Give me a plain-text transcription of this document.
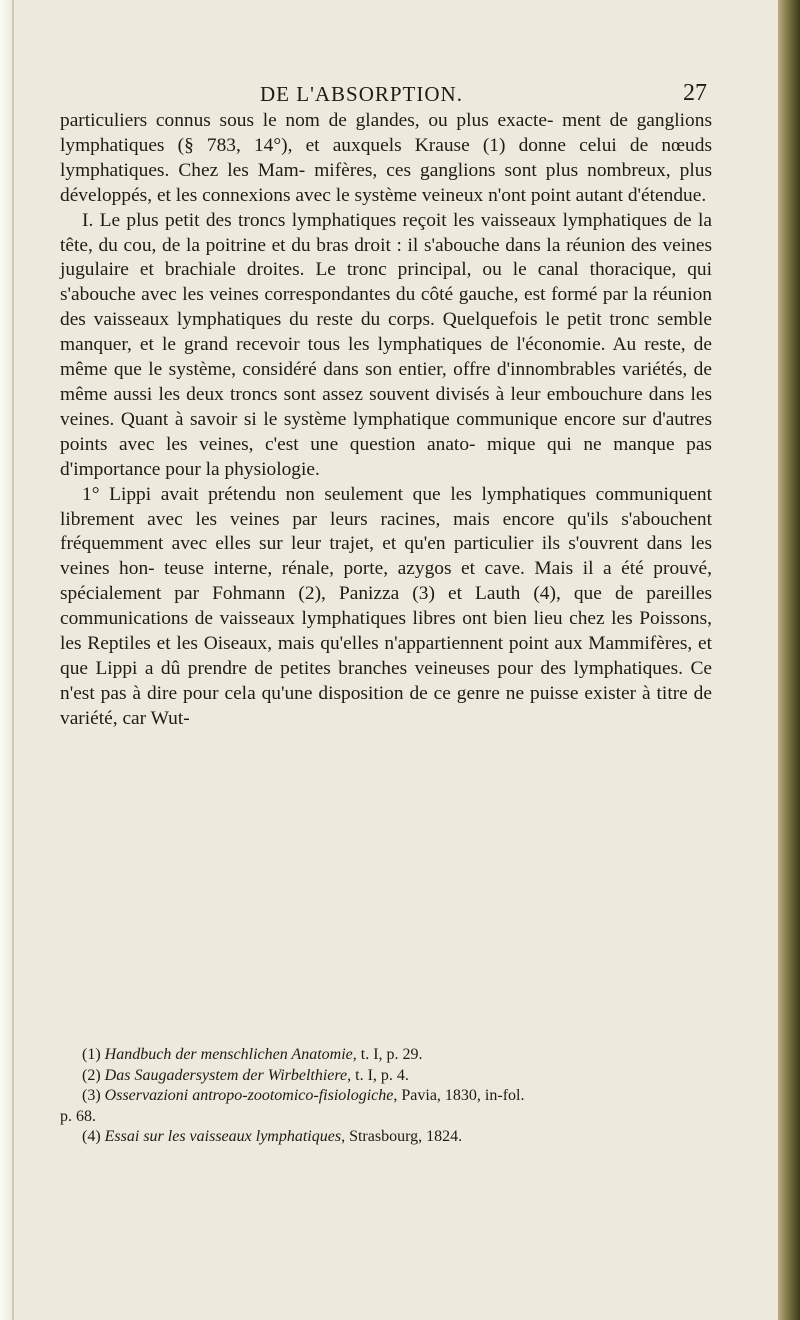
DE L'ABSORPTION.	27

particuliers connus sous le nom de glandes, ou plus exacte- ment de ganglions lymphatiques (§ 783, 14°), et auxquels Krause (1) donne celui de nœuds lymphatiques. Chez les Mam- mifères, ces ganglions sont plus nombreux, plus développés, et les connexions avec le système veineux n'ont point autant d'étendue.

I. Le plus petit des troncs lymphatiques reçoit les vaisseaux lymphatiques de la tête, du cou, de la poitrine et du bras droit : il s'abouche dans la réunion des veines jugulaire et brachiale droites. Le tronc principal, ou le canal thoracique, qui s'abouche avec les veines correspondantes du côté gauche, est formé par la réunion des vaisseaux lymphatiques du reste du corps. Quelquefois le petit tronc semble manquer, et le grand recevoir tous les lymphatiques de l'économie. Au reste, de même que le système, considéré dans son entier, offre d'innombrables variétés, de même aussi les deux troncs sont assez souvent divisés à leur embouchure dans les veines. Quant à savoir si le système lymphatique communique encore sur d'autres points avec les veines, c'est une question anato- mique qui ne manque pas d'importance pour la physiologie.

1° Lippi avait prétendu non seulement que les lymphatiques communiquent librement avec les veines par leurs racines, mais encore qu'ils s'abouchent fréquemment avec elles sur leur trajet, et qu'en particulier ils s'ouvrent dans les veines hon- teuse interne, rénale, porte, azygos et cave. Mais il a été prouvé, spécialement par Fohmann (2), Panizza (3) et Lauth (4), que de pareilles communications de vaisseaux lymphatiques libres ont bien lieu chez les Poissons, les Reptiles et les Oiseaux, mais qu'elles n'appartiennent point aux Mammifères, et que Lippi a dû prendre de petites branches veineuses pour des lymphatiques. Ce n'est pas à dire pour cela qu'une disposition de ce genre ne puisse exister à titre de variété, car Wut-

(1) Handbuch der menschlichen Anatomie, t. I, p. 29.

(2) Das Saugadersystem der Wirbelthiere, t. I, p. 4.

(3) Osservazioni antropo-zootomico-fisiologiche, Pavia, 1830, in-fol.

p. 68.

(4) Essai sur les vaisseaux lymphatiques, Strasbourg, 1824.
